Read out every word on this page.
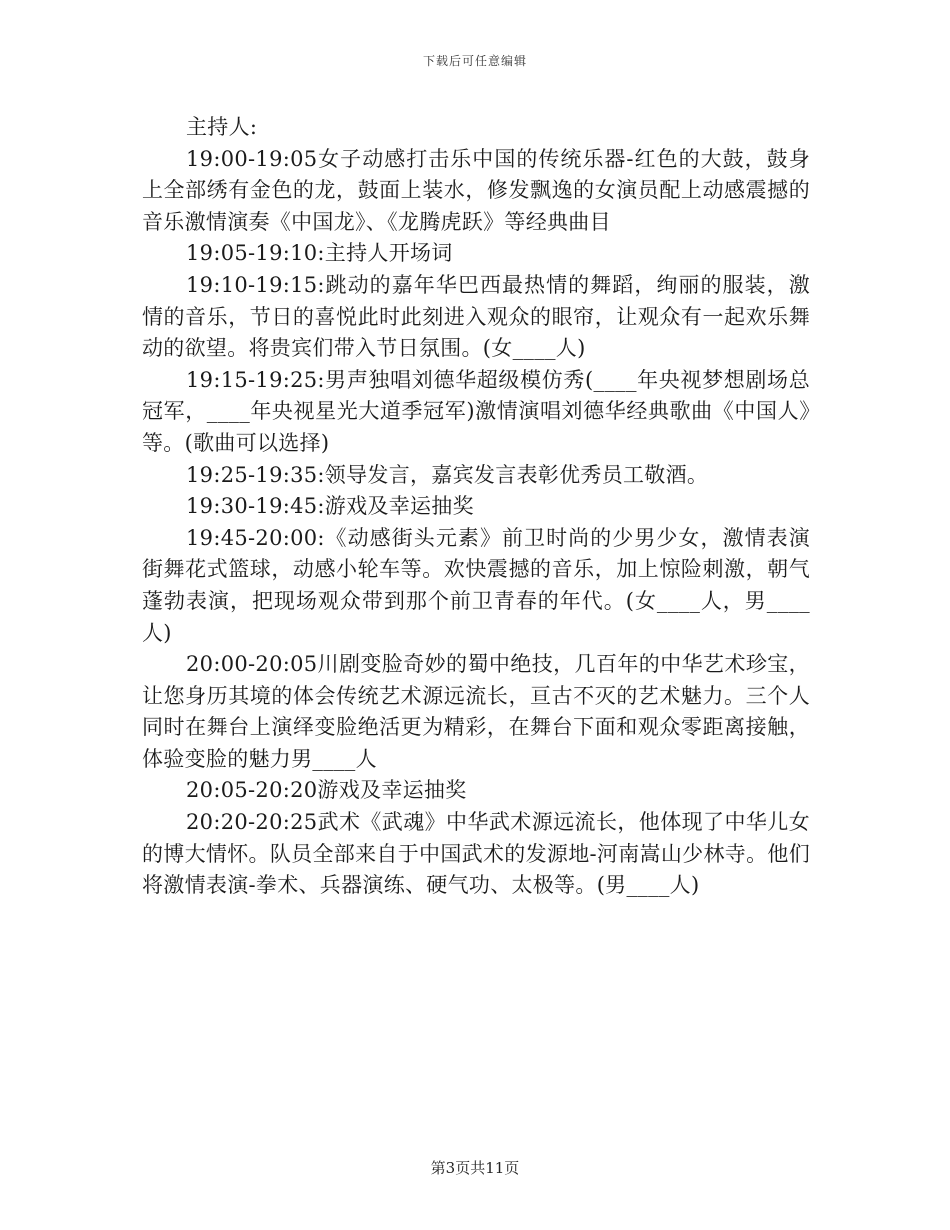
下载后可任意编辑

主持人:

19:00-19:05女子动感打击乐中国的传统乐器-红色的大鼓，鼓身上全部绣有金色的龙，鼓面上装水，修发飘逸的女演员配上动感震撼的音乐激情演奏《中国龙》、《龙腾虎跃》等经典曲目

19:05-19:10:主持人开场词

19:10-19:15:跳动的嘉年华巴西最热情的舞蹈，绚丽的服装，激情的音乐，节日的喜悦此时此刻进入观众的眼帘，让观众有一起欢乐舞动的欲望。将贵宾们带入节日氛围。(女____人)

19:15-19:25:男声独唱刘德华超级模仿秀(____年央视梦想剧场总冠军，____年央视星光大道季冠军)激情演唱刘德华经典歌曲《中国人》等。(歌曲可以选择)

19:25-19:35:领导发言，嘉宾发言表彰优秀员工敬酒。

19:30-19:45:游戏及幸运抽奖

19:45-20:00:《动感街头元素》前卫时尚的少男少女，激情表演街舞花式篮球，动感小轮车等。欢快震撼的音乐，加上惊险刺激，朝气蓬勃表演，把现场观众带到那个前卫青春的年代。(女____人，男____人)

20:00-20:05川剧变脸奇妙的蜀中绝技，几百年的中华艺术珍宝，让您身历其境的体会传统艺术源远流长，亘古不灭的艺术魅力。三个人同时在舞台上演绎变脸绝活更为精彩，在舞台下面和观众零距离接触，体验变脸的魅力男____人

20:05-20:20游戏及幸运抽奖

20:20-20:25武术《武魂》中华武术源远流长，他体现了中华儿女的博大情怀。队员全部来自于中国武术的发源地-河南嵩山少林寺。他们将激情表演-拳术、兵器演练、硬气功、太极等。(男____人)

第3页共11页
